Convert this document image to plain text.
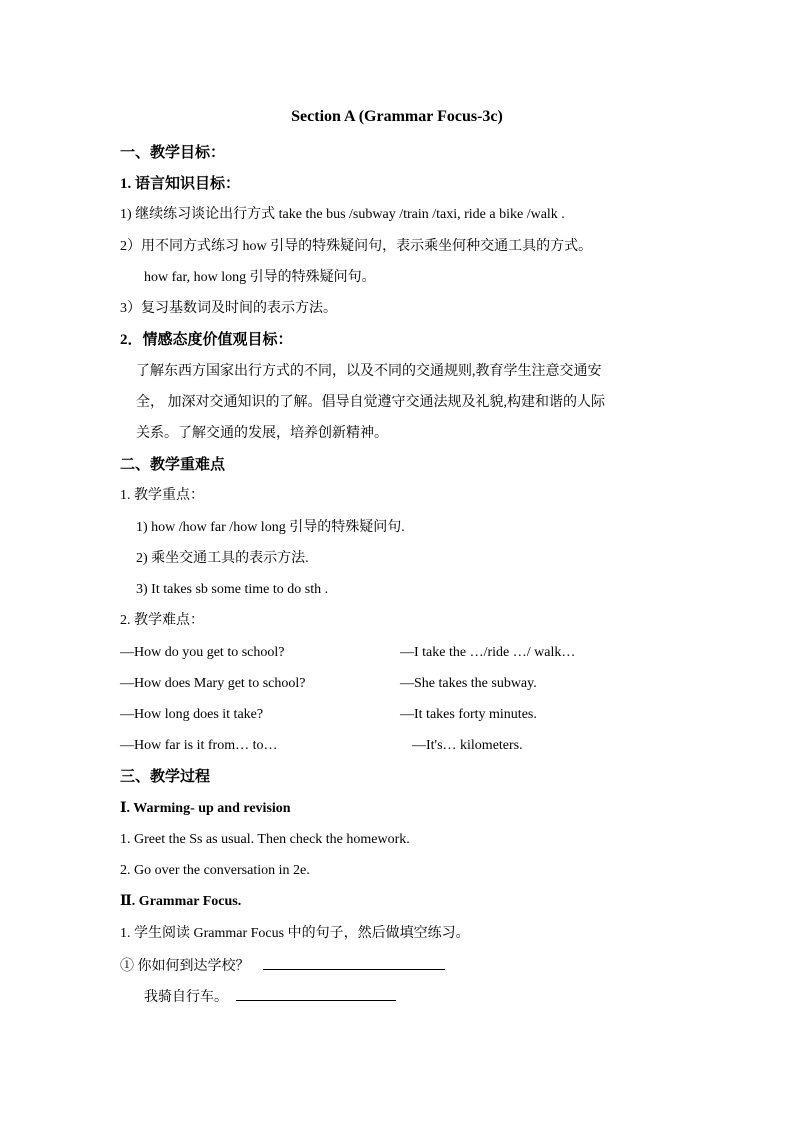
Section A (Grammar Focus-3c)
一、教学目标：
1. 语言知识目标：
1) 继续练习谈论出行方式 take the bus /subway /train /taxi, ride a bike /walk .
2）用不同方式练习 how 引导的特殊疑问句，表示乘坐何种交通工具的方式。
how far, how long 引导的特殊疑问句。
3）复习基数词及时间的表示方法。
2．情感态度价值观目标：
了解东西方国家出行方式的不同，以及不同的交通规则,教育学生注意交通安
全， 加深对交通知识的了解。倡导自觉遵守交通法规及礼貌,构建和谐的人际
关系。了解交通的发展，培养创新精神。
二、教学重难点
1. 教学重点：
1) how /how far /how long 引导的特殊疑问句.
2) 乘坐交通工具的表示方法.
3) It takes sb some time to do sth .
2. 教学难点：
—How do you get to school?	—I take the …/ride …/ walk…
—How does Mary get to school?	—She takes the subway.
—How long does it take?	—It takes forty minutes.
—How far is it from… to…	—It's… kilometers.
三、教学过程
Ⅰ. Warming- up and revision
1. Greet the Ss as usual. Then check the homework.
2. Go over the conversation in 2e.
Ⅱ. Grammar Focus.
1. 学生阅读 Grammar Focus 中的句子，然后做填空练习。
① 你如何到达学校？
我骑自行车。
